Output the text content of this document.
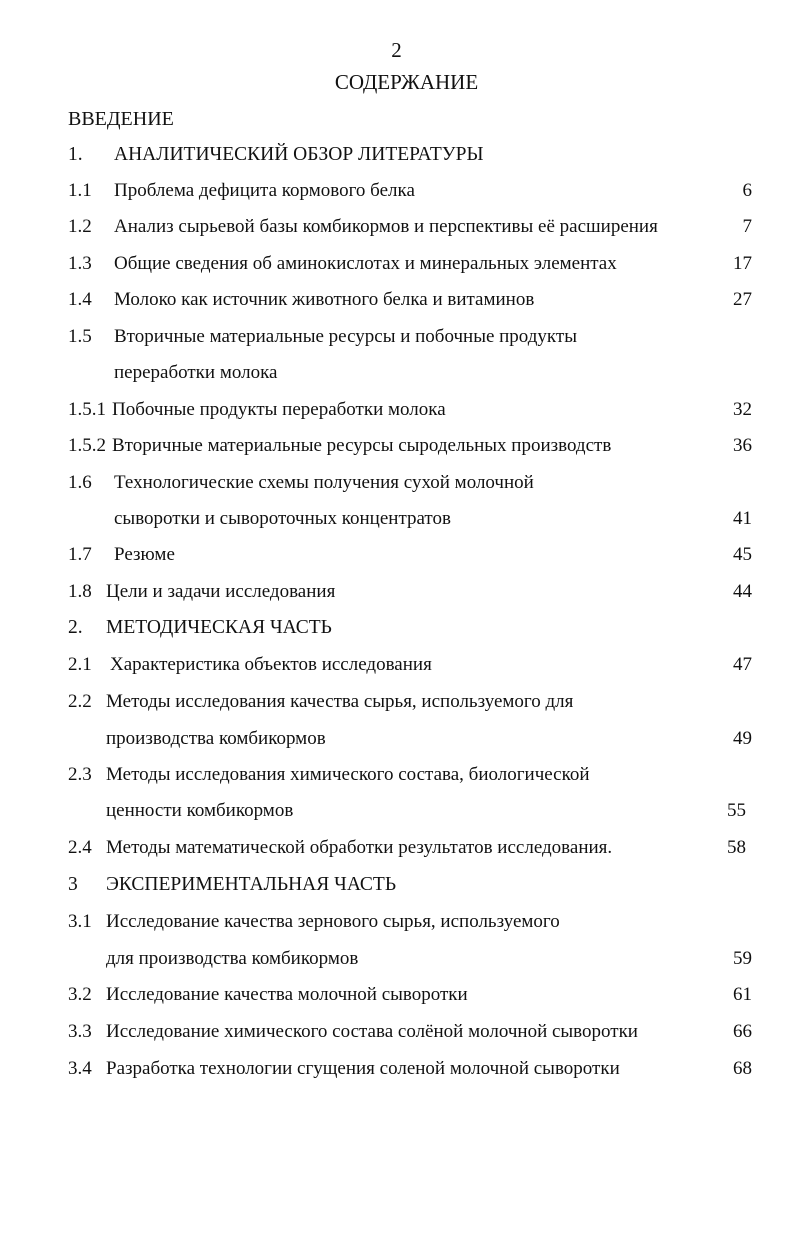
2
СОДЕРЖАНИЕ
ВВЕДЕНИЕ
1. АНАЛИТИЧЕСКИЙ ОБЗОР ЛИТЕРАТУРЫ
1.1 Проблема дефицита кормового белка	6
1.2 Анализ сырьевой базы комбикормов и перспективы её расширения	7
1.3 Общие сведения об аминокислотах и минеральных элементах	17
1.4 Молоко как источник животного белка и витаминов	27
1.5 Вторичные материальные ресурсы и побочные продукты
переработки молока
1.5.1 Побочные продукты переработки молока	32
1.5.2 Вторичные материальные ресурсы сыродельных производств	36
1.6 Технологические схемы получения сухой молочной
сыворотки и сывороточных концентратов	41
1.7 Резюме	45
1.8 Цели и задачи исследования	44
2. МЕТОДИЧЕСКАЯ ЧАСТЬ
2.1 Характеристика объектов исследования	47
2.2 Методы исследования качества сырья, используемого для
производства комбикормов	49
2.3 Методы исследования химического состава, биологической
ценности комбикормов	55
2.4 Методы математической обработки результатов исследования.	58
3 ЭКСПЕРИМЕНТАЛЬНАЯ ЧАСТЬ
3.1 Исследование качества зернового сырья, используемого
для производства комбикормов	59
3.2 Исследование качества молочной сыворотки	61
3.3 Исследование химического состава солёной молочной сыворотки	66
3.4 Разработка технологии сгущения соленой молочной сыворотки	68
